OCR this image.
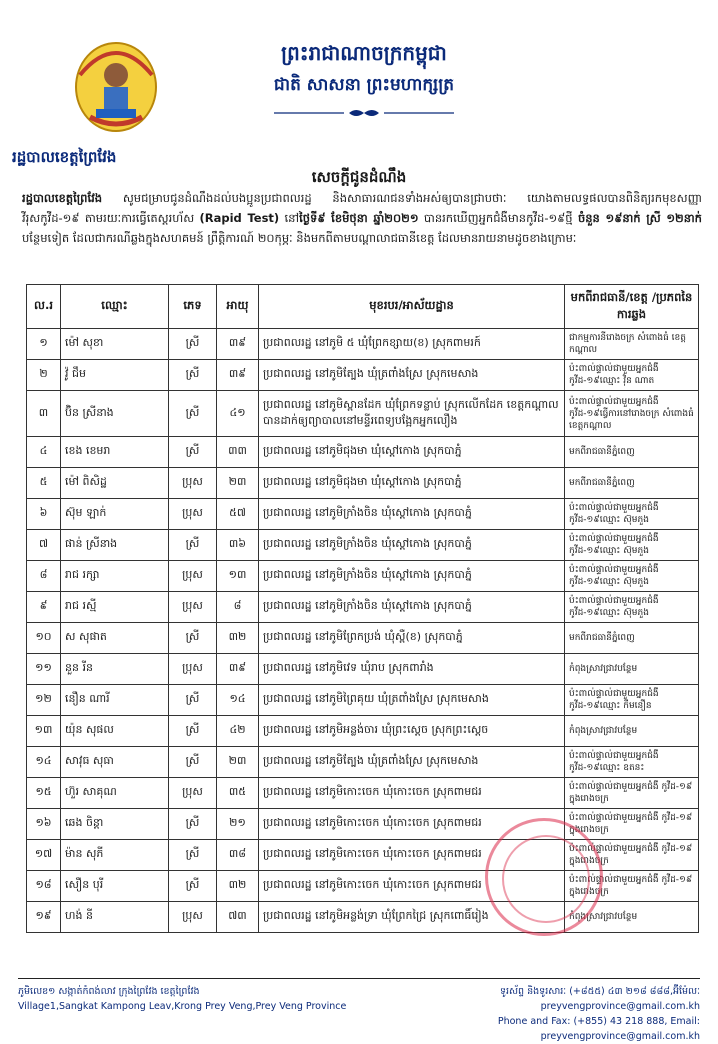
រដ្ឋបាលខេត្តព្រៃវែង
ព្រះរាជាណាចក្រកម្ពុជា
ជាតិ សាសនា ព្រះមហាក្សត្រ
សេចក្តីជូនដំណឹង
រដ្ឋបាលខេត្តព្រៃវែង សូមជម្រាបជូនដំណឹងដល់បងប្អូនប្រជាពលរដ្ឋ និងសាធារណជនទាំងអស់ឲ្យបានជ្រាបថាៈ យោងតាមលទ្ធផលបានពិនិត្យរកមុខសញ្ញាវីរុសកូវីដ-១៩ តាមរយៈការធ្វើតេស្តរហ័ស (Rapid Test) នៅថ្ងៃទី៩ ខែមិថុនា ឆ្នាំ២០២១ បានរកឃើញអ្នកជំងឺមានកូវីដ-១៩ថ្មី ចំនួន ១៩នាក់ ស្រី ១២នាក់ បន្ថែមទៀត ដែលជាករណីឆ្លងក្នុងសហគមន៍ ព្រឹត្តិការណ៍ ២០កុម្ភៈ និងមកពីតាមបណ្តាលាជធានីខេត្ត ដែលមានរាយនាមដូចខាងក្រោមៈ
ល.រ	ឈ្មោះ	ភេទ	អាយុ	មុខរបរ/អាស័យដ្ឋាន	មកពីរាជធានី/ខេត្ត /ប្រភពនៃការឆ្លង
១	ម៉ៅ សុខា	ស្រី	៣៩	ប្រជាពលរដ្ឋ នៅភូមិ ៥ ឃុំព្រែកខ្សាយ(ខ) ស្រុកពាមរក៍	ជាកម្មការនីរោងចក្រ សំពោងធំ ខេត្តកណ្តាល
២	វ៉ូ ជឹម	ស្រី	៣៩	ប្រជាពលរដ្ឋ នៅភូមិត្បែង ឃុំត្រពាំងស្រែ ស្រុកមេសាង	ប៉ះពាល់ផ្ទាល់ជាមួយអ្នកជំងឺ កូវីដ-១៩ឈ្មោះ វ៉ិន ណាត
៣	ប៊ិន ស្រីនាង	ស្រី	៤១	ប្រជាពលរដ្ឋ នៅភូមិស្ពានដែក ឃុំព្រែកទន្លាប់ ស្រុកលើកដែក ខេត្តកណ្តាល បានដាក់ឲ្យព្យាបាលនៅមន្ទីរពេទ្យបង្អែកអ្នកលឿង	ប៉ះពាល់ផ្ទាល់ជាមួយអ្នកជំងឺ កូវីដ-១៩ធ្វើការនៅរោងចក្រ សំពោងធំ ខេត្តកណ្តាល
៤	ខេង ខេមរា	ស្រី	៣៣	ប្រជាពលរដ្ឋ នៅភូមិជុងមា ឃុំស្តៅកោង ស្រុកបាភ្នំ	មកពីរាជធានីភ្នំពេញ
៥	ម៉ៅ ពិសិដ្ឋ	ប្រុស	២៣	ប្រជាពលរដ្ឋ នៅភូមិជុងមា ឃុំស្តៅកោង ស្រុកបាភ្នំ	មកពីរាជធានីភ្នំពេញ
៦	ស៊ុម ឡាក់	ប្រុស	៥៧	ប្រជាពលរដ្ឋ នៅភូមិក្រាំងចិន ឃុំស្តៅកោង ស្រុកបាភ្នំ	ប៉ះពាល់ផ្ទាល់ជាមួយអ្នកជំងឺ កូវីដ-១៩ឈ្មោះ ស៊ុមភួង
៧	ផាន់ ស្រីនាង	ស្រី	៣៦	ប្រជាពលរដ្ឋ នៅភូមិក្រាំងចិន ឃុំស្តៅកោង ស្រុកបាភ្នំ	ប៉ះពាល់ផ្ទាល់ជាមួយអ្នកជំងឺ កូវីដ-១៩ឈ្មោះ ស៊ុមភួង
៨	រាជ រក្សា	ប្រុស	១៣	ប្រជាពលរដ្ឋ នៅភូមិក្រាំងចិន ឃុំស្តៅកោង ស្រុកបាភ្នំ	ប៉ះពាល់ផ្ទាល់ជាមួយអ្នកជំងឺ កូវីដ-១៩ឈ្មោះ ស៊ុមភួង
៩	រាជ រស្មី	ប្រុស	៨	ប្រជាពលរដ្ឋ នៅភូមិក្រាំងចិន ឃុំស្តៅកោង ស្រុកបាភ្នំ	ប៉ះពាល់ផ្ទាល់ជាមួយអ្នកជំងឺ កូវីដ-១៩ឈ្មោះ ស៊ុមភួង
១០	ស សុផាត	ស្រី	៣២	ប្រជាពលរដ្ឋ នៅភូមិព្រែកប្រង់ ឃុំស្ពឺ(ខ) ស្រុកបាភ្នំ	មកពីរាជធានីភ្នំពេញ
១១	នួន រីន	ប្រុស	៣៩	ប្រជាពលរដ្ឋ នៅភូមិវេទ ឃុំរាប ស្រុកពារាំង	កំពុងស្រាវជ្រាវបន្ថែម
១២	នឿន ណារី	ស្រី	១៤	ប្រជាពលរដ្ឋ នៅភូមិព្រៃគុយ ឃុំត្រពាំងស្រែ ស្រុកមេសាង	ប៉ះពាល់ផ្ទាល់ជាមួយអ្នកជំងឺ កូវីដ-១៩ឈ្មោះ កឹមនឿន
១៣	យ៉ុន សុផល	ស្រី	៤២	ប្រជាពលរដ្ឋ នៅភូមិអន្លង់ចារ ឃុំព្រះស្តេច ស្រុកព្រះស្តេច	កំពុងស្រាវជ្រាវបន្ថែម
១៤	សាវុធ សុធា	ស្រី	២៣	ប្រជាពលរដ្ឋ នៅភូមិត្បែង ឃុំត្រពាំងស្រែ ស្រុកមេសាង	ប៉ះពាល់ផ្ទាល់ជាមួយអ្នកជំងឺ កូវីដ-១៩ឈ្មោះ ឧតនះ
១៥	ហ៊ួរ សាគុណ	ប្រុស	៣៥	ប្រជាពលរដ្ឋ នៅភូមិកោះចេក ឃុំកោះចេក ស្រុកពាមជរ	ប៉ះពាល់ផ្ទាល់ជាមួយអ្នកជំងឺ កូវីដ-១៩ ក្នុងរោងចក្រ
១៦	ឆេង ចិន្តា	ស្រី	២១	ប្រជាពលរដ្ឋ នៅភូមិកោះចេក ឃុំកោះចេក ស្រុកពាមជរ	ប៉ះពាល់ផ្ទាល់ជាមួយអ្នកជំងឺ កូវីដ-១៩ ក្នុងរោងចក្រ
១៧	ម៉ាន សុភី	ស្រី	៣៨	ប្រជាពលរដ្ឋ នៅភូមិកោះចេក ឃុំកោះចេក ស្រុកពាមជរ	ប៉ះពាល់ផ្ទាល់ជាមួយអ្នកជំងឺ កូវីដ-១៩ ក្នុងរោងចក្រ
១៨	សឿន បុរី	ស្រី	៣២	ប្រជាពលរដ្ឋ នៅភូមិកោះចេក ឃុំកោះចេក ស្រុកពាមជរ	ប៉ះពាល់ផ្ទាល់ជាមួយអ្នកជំងឺ កូវីដ-១៩ ក្នុងរោងចក្រ
១៩	ហង់ នី	ប្រុស	៧៣	ប្រជាពលរដ្ឋ នៅភូមិអន្លង់ទ្រា ឃុំព្រែកជ្រៃ ស្រុកពោធិ៍រៀង	កំពុងស្រាវជ្រាវបន្ថែម
ភូមិលេខ១ សង្កាត់កំពង់លាវ ក្រុងព្រៃវែង ខេត្តព្រៃវែង
Village1,Sangkat Kampong Leav,Krong Prey Veng,Prey Veng Province
ទូរស័ព្ទ និងទូរសារៈ (+៨៥៥) ៤៣ ២១៨ ៨៨៨,អ៊ីម៉ែលៈ preyvengprovince@gmail.com.kh
Phone and Fax: (+855) 43 218 888, Email: preyvengprovince@gmail.com.kh
